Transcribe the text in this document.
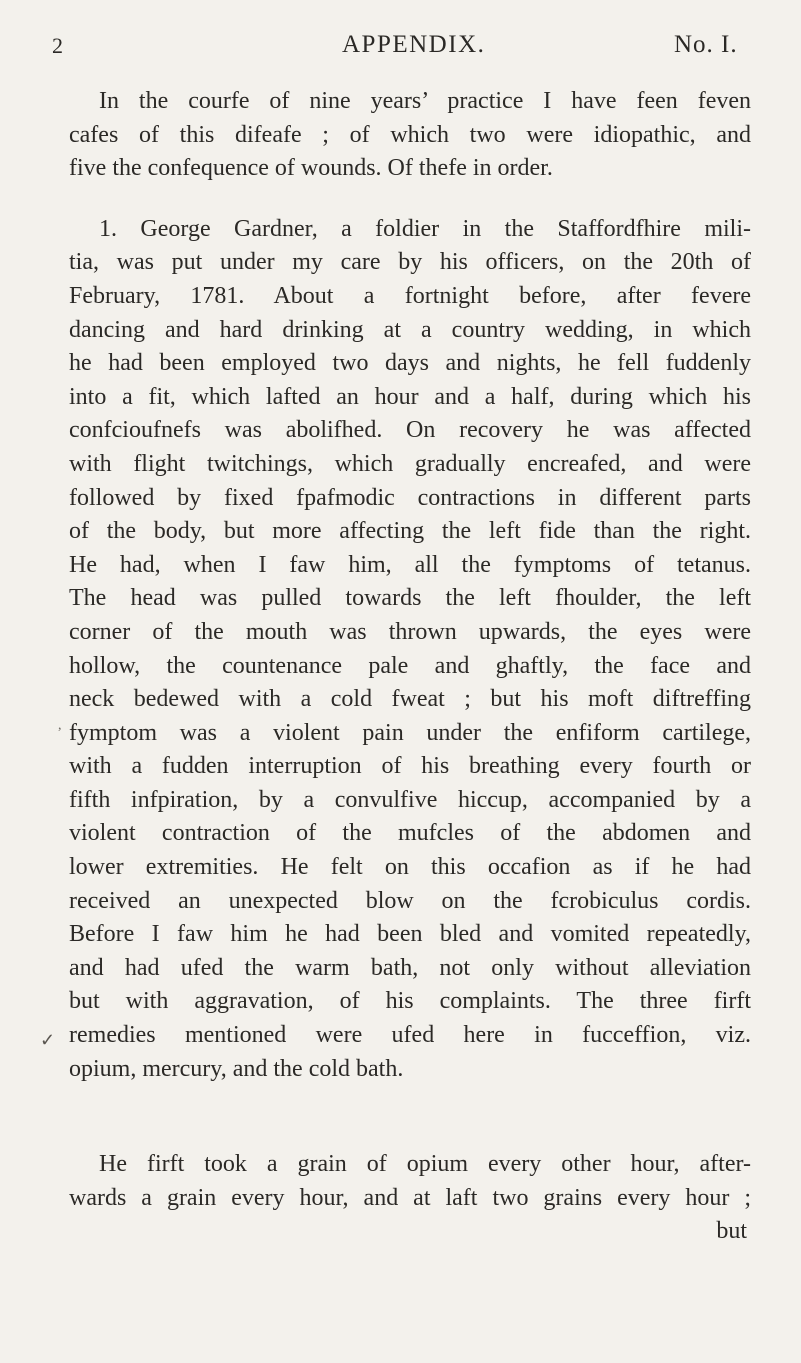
2	APPENDIX.	No. I.
In the courfe of nine years’ practice I have feen feven
cafes of this difeafe ; of which two were idiopathic, and
five the confequence of wounds. Of thefe in order.
1. George Gardner, a foldier in the Staffordfhire mili-
tia, was put under my care by his officers, on the 20th of
February, 1781. About a fortnight before, after fevere
dancing and hard drinking at a country wedding, in which
he had been employed two days and nights, he fell fuddenly
into a fit, which lafted an hour and a half, during which his
confcioufnefs was abolifhed. On recovery he was affected
with flight twitchings, which gradually encreafed, and were
followed by fixed fpafmodic contractions in different parts
of the body, but more affecting the left fide than the right.
He had, when I faw him, all the fymptoms of tetanus.
The head was pulled towards the left fhoulder, the left
corner of the mouth was thrown upwards, the eyes were
hollow, the countenance pale and ghaftly, the face and
neck bedewed with a cold fweat ; but his moft diftreffing
fymptom was a violent pain under the enfiform cartilege,
with a fudden interruption of his breathing every fourth or
fifth infpiration, by a convulfive hiccup, accompanied by a
violent contraction of the mufcles of the abdomen and
lower extremities. He felt on this occafion as if he had
received an unexpected blow on the fcrobiculus cordis.
Before I faw him he had been bled and vomited repeatedly,
and had ufed the warm bath, not only without alleviation
but with aggravation, of his complaints. The three firft
remedies mentioned were ufed here in fucceffion, viz.
opium, mercury, and the cold bath.
He firft took a grain of opium every other hour, after-
wards a grain every hour, and at laft two grains every hour ;
but
,
✓
